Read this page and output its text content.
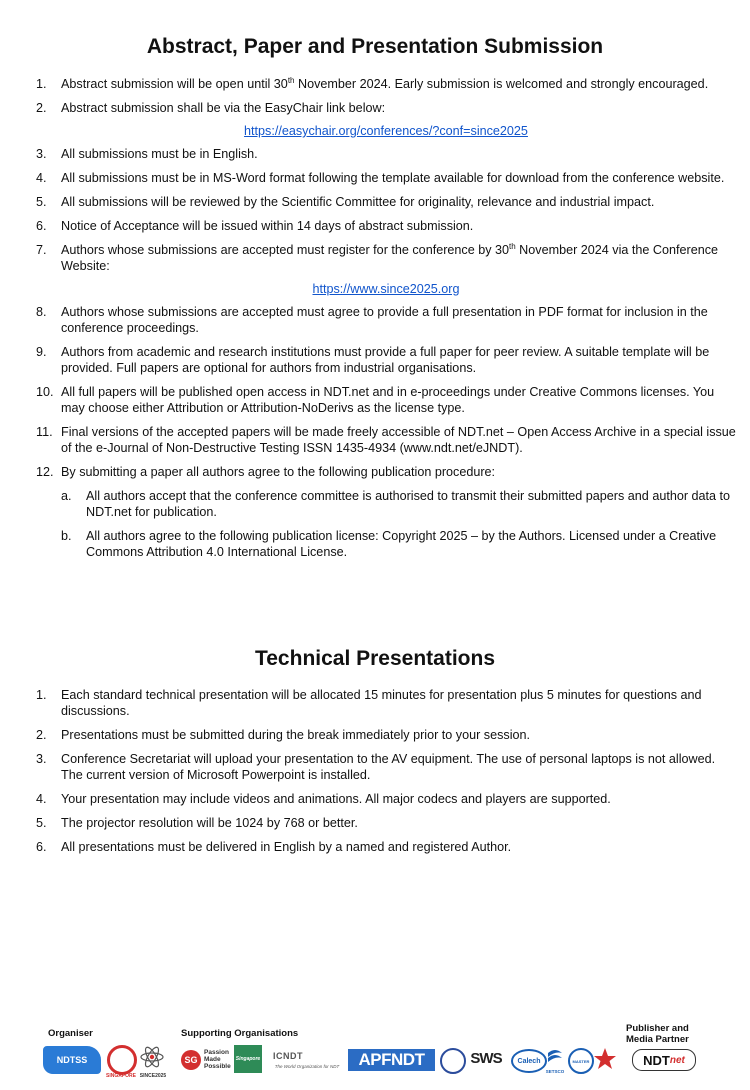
Abstract, Paper and Presentation Submission
1.	Abstract submission will be open until 30th November 2024. Early submission is welcomed and strongly encouraged.
2.	Abstract submission shall be via the EasyChair link below:
https://easychair.org/conferences/?conf=since2025
3.	All submissions must be in English.
4.	All submissions must be in MS-Word format following the template available for download from the conference website.
5.	All submissions will be reviewed by the Scientific Committee for originality, relevance and industrial impact.
6.	Notice of Acceptance will be issued within 14 days of abstract submission.
7.	Authors whose submissions are accepted must register for the conference by 30th November 2024 via the Conference Website:
https://www.since2025.org
8.	Authors whose submissions are accepted must agree to provide a full presentation in PDF format for inclusion in the conference proceedings.
9.	Authors from academic and research institutions must provide a full paper for peer review. A suitable template will be provided. Full papers are optional for authors from industrial organisations.
10. All full papers will be published open access in NDT.net and in e-proceedings under Creative Commons licenses. You may choose either Attribution or Attribution-NoDerivs as the license type.
11. Final versions of the accepted papers will be made freely accessible of NDT.net – Open Access Archive in a special issue of the e-Journal of Non-Destructive Testing ISSN 1435-4934 (www.ndt.net/eJNDT).
12. By submitting a paper all authors agree to the following publication procedure:
a. All authors accept that the conference committee is authorised to transmit their submitted papers and author data to NDT.net for publication.
b. All authors agree to the following publication license: Copyright 2025 – by the Authors. Licensed under a Creative Commons Attribution 4.0 International License.
Technical Presentations
1.	Each standard technical presentation will be allocated 15 minutes for presentation plus 5 minutes for questions and discussions.
2.	Presentations must be submitted during the break immediately prior to your session.
3.	Conference Secretariat will upload your presentation to the AV equipment. The use of personal laptops is not allowed. The current version of Microsoft Powerpoint is installed.
4.	Your presentation may include videos and animations. All major codecs and players are supported.
5.	The projector resolution will be 1024 by 768 or better.
6.	All presentations must be delivered in English by a named and registered Author.
Organiser	Supporting Organisations	Publisher and
Media Partner
NDTSS
SINGAPORE SINCE2025
SG
Passion Made Possible
Singapore	ICNDT
The World Organization for NDT	APFNDT	SWS	Calech
SETSCO
MASTER	NDT net
